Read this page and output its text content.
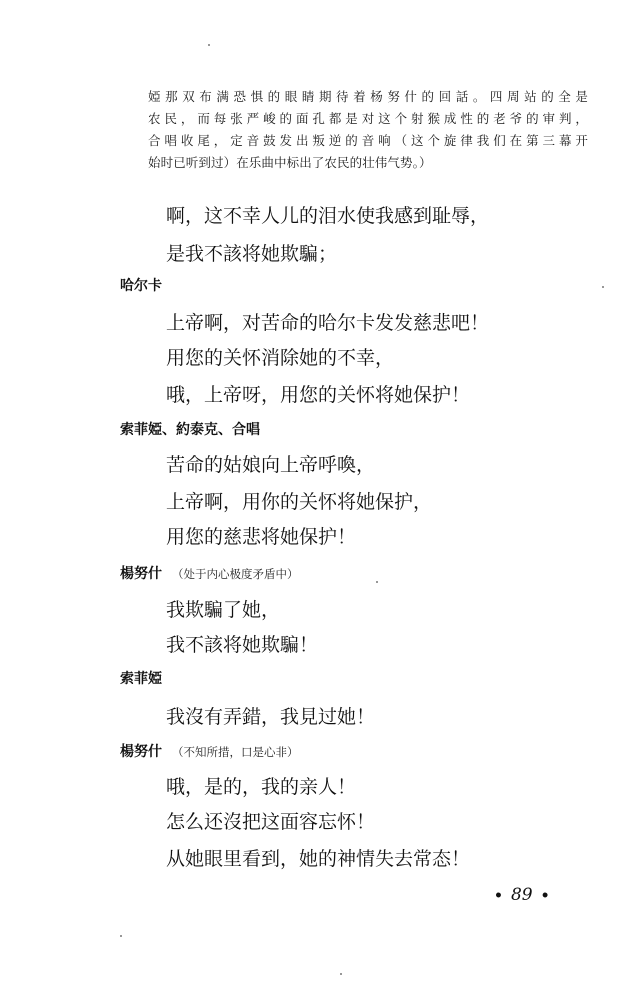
婭那双布满恐惧的眼睛期待着杨努什的回話。四周站的全是

农民，而每张严峻的面孔都是对这个射猴成性的老爷的审判，

合唱收尾，定音鼓发出叛逆的音响（这个旋律我们在第三幕开

始时已听到过）在乐曲中标出了农民的壮伟气势。）

啊，这不幸人儿的泪水使我感到耻辱，
是我不該将她欺騙；
哈尔卡
上帝啊，对苦命的哈尔卡发发慈悲吧！
用您的关怀消除她的不幸，
哦，上帝呀，用您的关怀将她保护！
索菲婭、約泰克、合唱
苦命的姑娘向上帝呼喚，
上帝啊，用你的关怀将她保护，
用您的慈悲将她保护！
楊努什 （处于内心极度矛盾中）
我欺騙了她，
我不該将她欺騙！
索菲婭
我沒有弄錯，我見过她！
楊努什 （不知所措，口是心非）
哦，是的，我的亲人！
怎么还沒把这面容忘怀！
从她眼里看到，她的神情失去常态！
• 89 •
